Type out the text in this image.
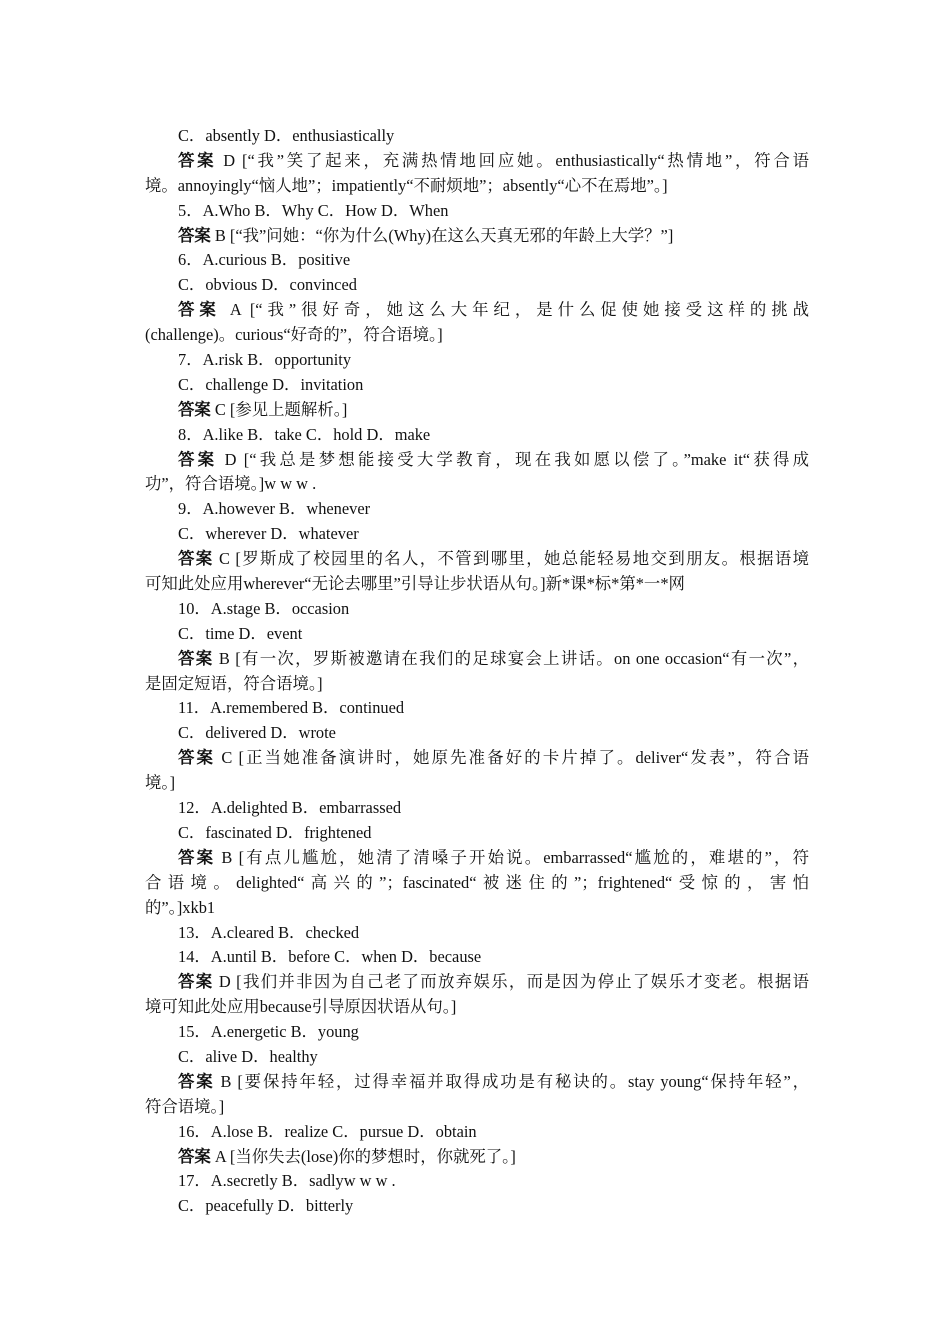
C．absently D．enthusiastically
答案 D [“我”笑了起来，充满热情地回应她。enthusiastically“热情地”，符合语
境。annoyingly“恼人地”；impatiently“不耐烦地”；absently“心不在焉地”。]
5．A.Who B．Why C．How D．When
答案 B [“我”问她：“你为什么(Why)在这么天真无邪的年龄上大学？”]
6．A.curious B．positive
C．obvious D．convinced
答案 A [“我”很好奇，她这么大年纪，是什么促使她接受这样的挑战
(challenge)。curious“好奇的”，符合语境。]
7．A.risk B．opportunity
C．challenge D．invitation
答案 C [参见上题解析。]
8．A.like B．take C．hold D．make
答案 D [“我总是梦想能接受大学教育，现在我如愿以偿了。”make it“获得成
功”，符合语境。]w w w .
9．A.however B．whenever
C．wherever D．whatever
答案 C [罗斯成了校园里的名人，不管到哪里，她总能轻易地交到朋友。根据语境
可知此处应用wherever“无论去哪里”引导让步状语从句。]新*课*标*第*一*网
10．A.stage B．occasion
C．time D．event
答案 B [有一次，罗斯被邀请在我们的足球宴会上讲话。on one occasion“有一次”，
是固定短语，符合语境。]
11．A.remembered B．continued
C．delivered D．wrote
答案 C [正当她准备演讲时，她原先准备好的卡片掉了。deliver“发表”，符合语
境。]
12．A.delighted B．embarrassed
C．fascinated D．frightened
答案 B [有点儿尴尬，她清了清嗓子开始说。embarrassed“尴尬的，难堪的”，符
合语境。delighted“高兴的”；fascinated“被迷住的”；frightened“受惊的，害怕
的”。]xkb1
13．A.cleared B．checked
14．A.until B．before C．when D．because
答案 D [我们并非因为自己老了而放弃娱乐，而是因为停止了娱乐才变老。根据语
境可知此处应用because引导原因状语从句。]
15．A.energetic B．young
C．alive D．healthy
答案 B [要保持年轻，过得幸福并取得成功是有秘诀的。stay young“保持年轻”，
符合语境。]
16．A.lose B．realize C．pursue D．obtain
答案 A [当你失去(lose)你的梦想时，你就死了。]
17．A.secretly B．sadlyw w w .
C．peacefully D．bitterly
